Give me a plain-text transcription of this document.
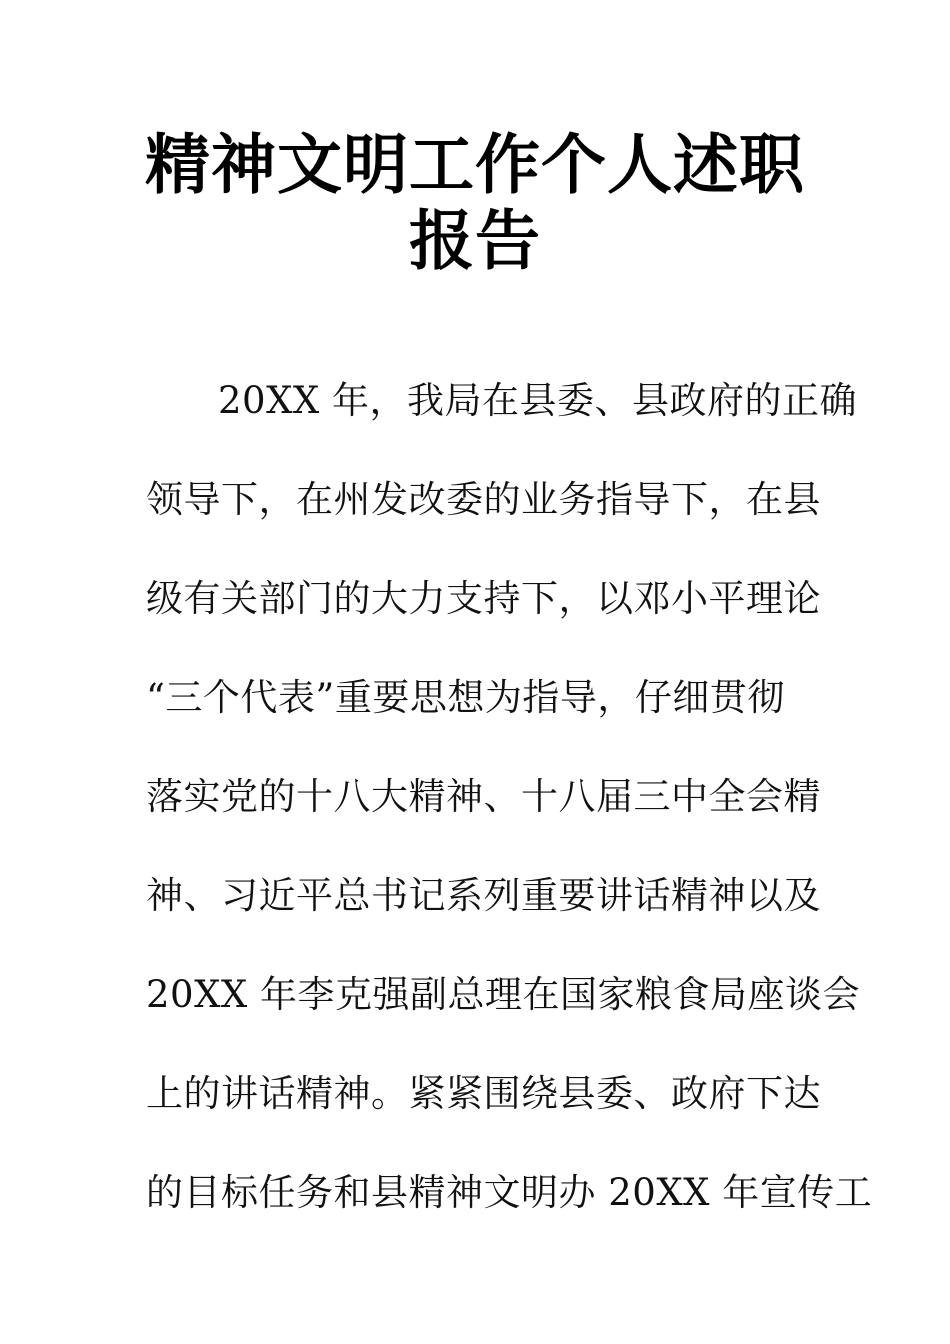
精神文明工作个人述职报告
20XX 年，我局在县委、县政府的正确
领导下，在州发改委的业务指导下，在县
级有关部门的大力支持下，以邓小平理论
“三个代表”重要思想为指导，仔细贯彻
落实党的十八大精神、十八届三中全会精
神、习近平总书记系列重要讲话精神以及
20XX 年李克强副总理在国家粮食局座谈会
上的讲话精神。紧紧围绕县委、政府下达
的目标任务和县精神文明办 20XX 年宣传工
